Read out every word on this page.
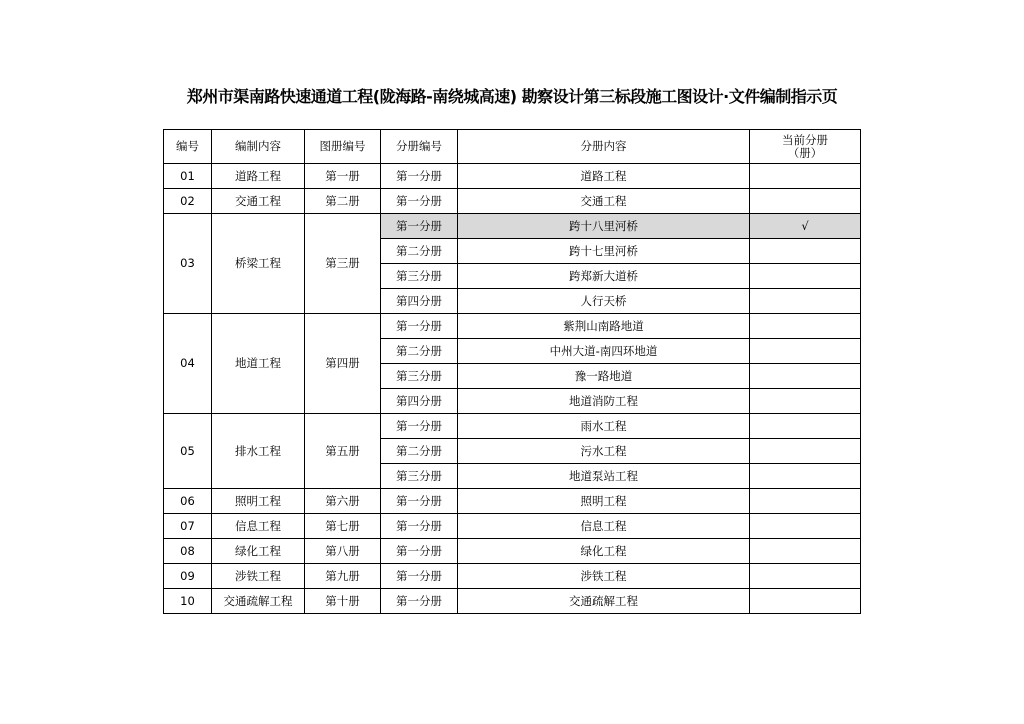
郑州市渠南路快速通道工程(陇海路-南绕城高速) 勘察设计第三标段施工图设计·文件编制指示页
编号	编制内容	图册编号	分册编号	分册内容	当前分册
（册）
01	道路工程	第一册	第一分册	道路工程	
02	交通工程	第二册	第一分册	交通工程	
03	桥梁工程	第三册	第一分册	跨十八里河桥	√
			第二分册	跨十七里河桥	
			第三分册	跨郑新大道桥	
			第四分册	人行天桥	
04	地道工程	第四册	第一分册	紫荆山南路地道	
			第二分册	中州大道-南四环地道	
			第三分册	豫一路地道	
			第四分册	地道消防工程	
05	排水工程	第五册	第一分册	雨水工程	
			第二分册	污水工程	
			第三分册	地道泵站工程	
06	照明工程	第六册	第一分册	照明工程	
07	信息工程	第七册	第一分册	信息工程	
08	绿化工程	第八册	第一分册	绿化工程	
09	涉铁工程	第九册	第一分册	涉铁工程	
10	交通疏解工程	第十册	第一分册	交通疏解工程	
